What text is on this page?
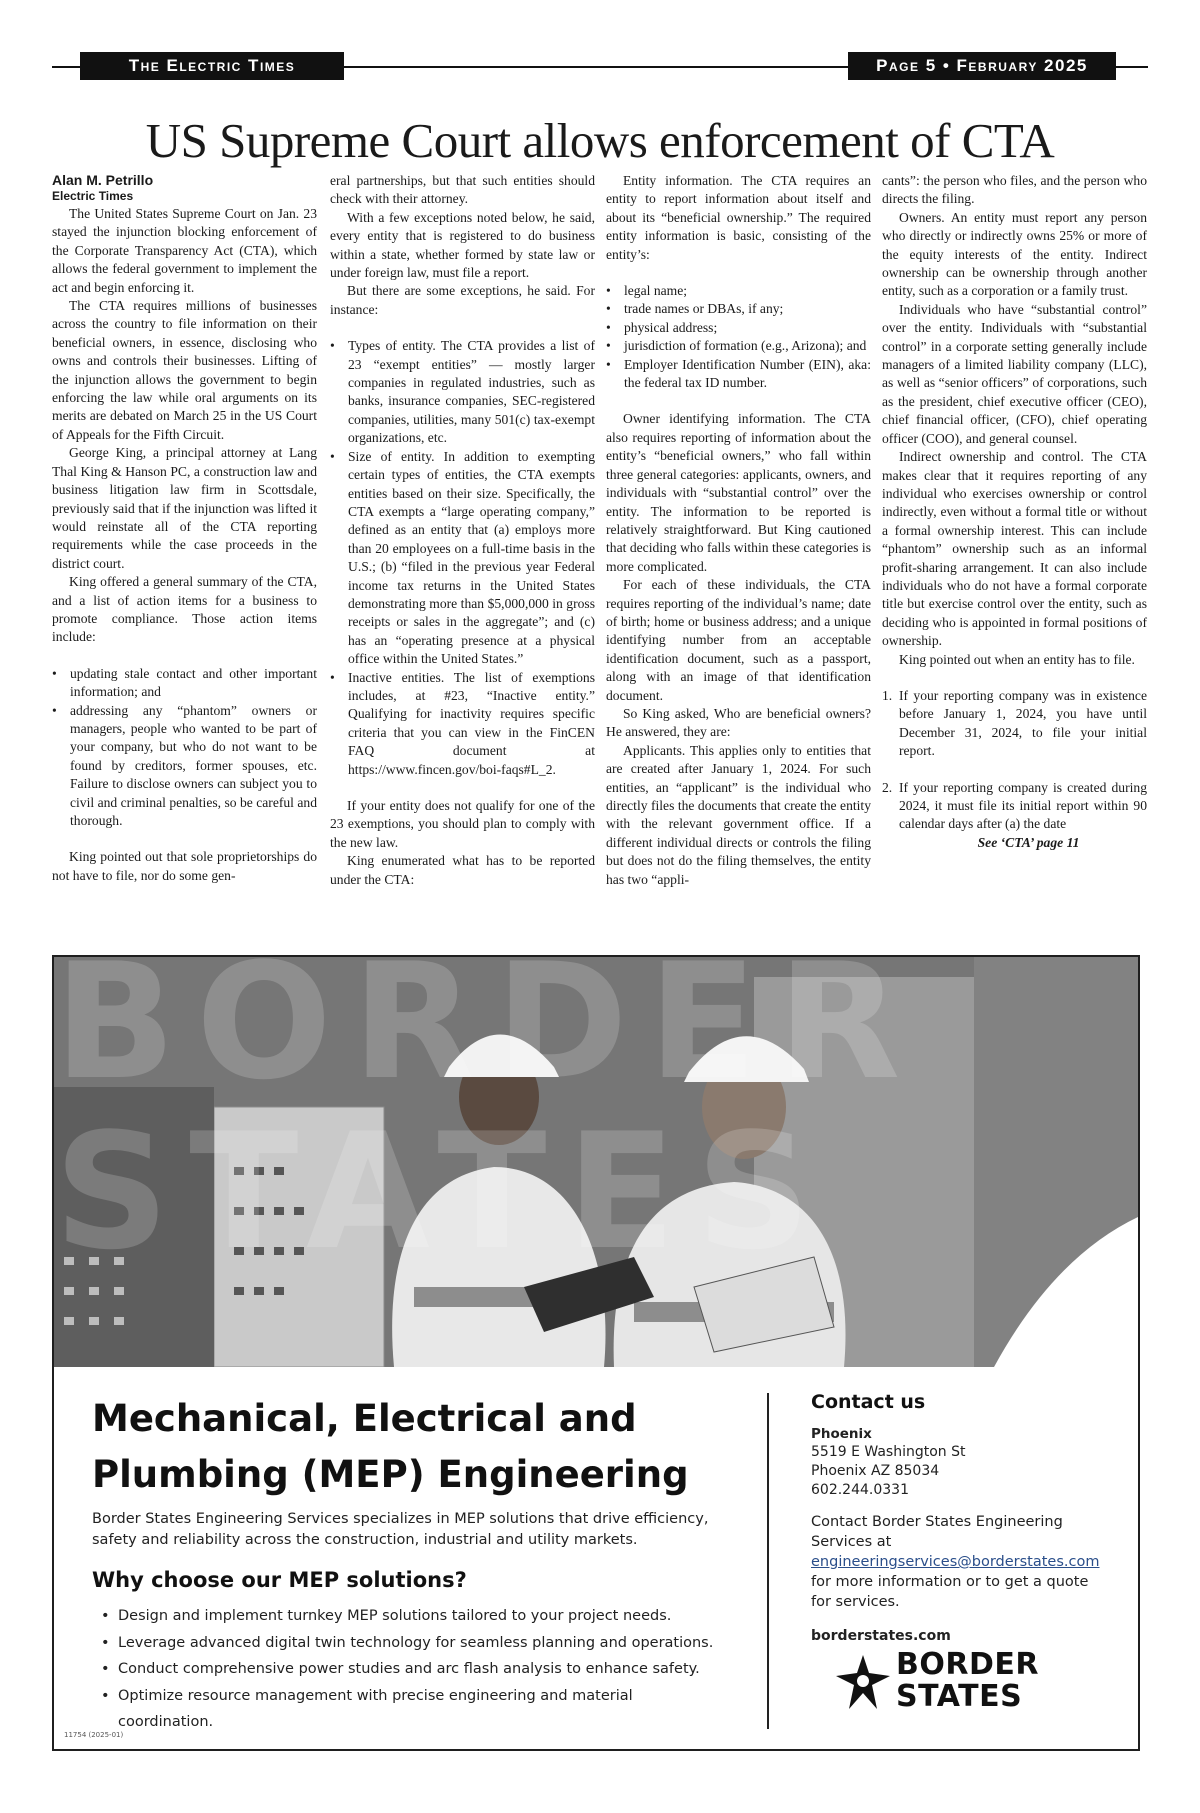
The Electric Times	Page 5 • February 2025
US Supreme Court allows enforcement of CTA
Alan M. Petrillo
Electric Times

The United States Supreme Court on Jan. 23 stayed the injunction blocking enforcement of the Corporate Transparency Act (CTA), which allows the federal government to implement the act and begin enforcing it.

The CTA requires millions of businesses across the country to file information on their beneficial owners, in essence, disclosing who owns and controls their businesses. Lifting of the injunction allows the government to begin enforcing the law while oral arguments on its merits are debated on March 25 in the US Court of Appeals for the Fifth Circuit.

George King, a principal attorney at Lang Thal King & Hanson PC, a construction law and business litigation law firm in Scottsdale, previously said that if the injunction was lifted it would reinstate all of the CTA reporting requirements while the case proceeds in the district court.

King offered a general summary of the CTA, and a list of action items for a business to promote compliance. Those action items include:

• updating stale contact and other important information; and
• addressing any “phantom” owners or managers, people who wanted to be part of your company, but who do not want to be found by creditors, former spouses, etc. Failure to disclose owners can subject you to civil and criminal penalties, so be careful and thorough.

King pointed out that sole proprietorships do not have to file, nor do some gen-

eral partnerships, but that such entities should check with their attorney.

With a few exceptions noted below, he said, every entity that is registered to do business within a state, whether formed by state law or under foreign law, must file a report.

But there are some exceptions, he said. For instance:

• Types of entity. The CTA provides a list of 23 “exempt entities” — mostly larger companies in regulated industries, such as banks, insurance companies, SEC-registered companies, utilities, many 501(c) tax-exempt organizations, etc.
• Size of entity. In addition to exempting certain types of entities, the CTA exempts entities based on their size. Specifically, the CTA exempts a “large operating company,” defined as an entity that (a) employs more than 20 employees on a full-time basis in the U.S.; (b) “filed in the previous year Federal income tax returns in the United States demonstrating more than $5,000,000 in gross receipts or sales in the aggregate”; and (c) has an “operating presence at a physical office within the United States.”
• Inactive entities. The list of exemptions includes, at #23, “Inactive entity.” Qualifying for inactivity requires specific criteria that you can view in the FinCEN FAQ document at https://www.fincen.gov/boi-faqs#L_2.

If your entity does not qualify for one of the 23 exemptions, you should plan to comply with the new law.

King enumerated what has to be reported under the CTA:

Entity information. The CTA requires an entity to report information about itself and about its “beneficial ownership.” The required entity information is basic, consisting of the entity’s:

• legal name;
• trade names or DBAs, if any;
• physical address;
• jurisdiction of formation (e.g., Arizona); and
• Employer Identification Number (EIN), aka: the federal tax ID number.

Owner identifying information. The CTA also requires reporting of information about the entity’s “beneficial owners,” who fall within three general categories: applicants, owners, and individuals with “substantial control” over the entity. The information to be reported is relatively straightforward. But King cautioned that deciding who falls within these categories is more complicated.

For each of these individuals, the CTA requires reporting of the individual’s name; date of birth; home or business address; and a unique identifying number from an acceptable identification document, such as a passport, along with an image of that identification document.

So King asked, Who are beneficial owners? He answered, they are:

Applicants. This applies only to entities that are created after January 1, 2024. For such entities, an “applicant” is the individual who directly files the documents that create the entity with the relevant government office. If a different individual directs or controls the filing but does not do the filing themselves, the entity has two “appli-

cants”: the person who files, and the person who directs the filing.

Owners. An entity must report any person who directly or indirectly owns 25% or more of the equity interests of the entity. Indirect ownership can be ownership through another entity, such as a corporation or a family trust.

Individuals who have “substantial control” over the entity. Individuals with “substantial control” in a corporate setting generally include managers of a limited liability company (LLC), as well as “senior officers” of corporations, such as the president, chief executive officer (CEO), chief financial officer, (CFO), chief operating officer (COO), and general counsel.

Indirect ownership and control. The CTA makes clear that it requires reporting of any individual who exercises ownership or control indirectly, even without a formal title or without a formal ownership interest. This can include “phantom” ownership such as an informal profit-sharing arrangement. It can also include individuals who do not have a formal corporate title but exercise control over the entity, such as deciding who is appointed in formal positions of ownership.

King pointed out when an entity has to file.

1. If your reporting company was in existence before January 1, 2024, you have until December 31, 2024, to file your initial report.
2. If your reporting company is created during 2024, it must file its initial report within 90 calendar days after (a) the date

See ‘CTA’ page 11

BORDER
STATES
Mechanical, Electrical and Plumbing (MEP) Engineering

Border States Engineering Services specializes in MEP solutions that drive efficiency, safety and reliability across the construction, industrial and utility markets.

Why choose our MEP solutions?
• Design and implement turnkey MEP solutions tailored to your project needs.
• Leverage advanced digital twin technology for seamless planning and operations.
• Conduct comprehensive power studies and arc flash analysis to enhance safety.
• Optimize resource management with precise engineering and material coordination.
Contact us
Phoenix
5519 E Washington St
Phoenix AZ 85034
602.244.0331
Contact Border States Engineering Services at
engineeringservices@borderstates.com
for more information or to get a quote for services.
borderstates.com
BORDER
STATES
11754 (2025-01)
